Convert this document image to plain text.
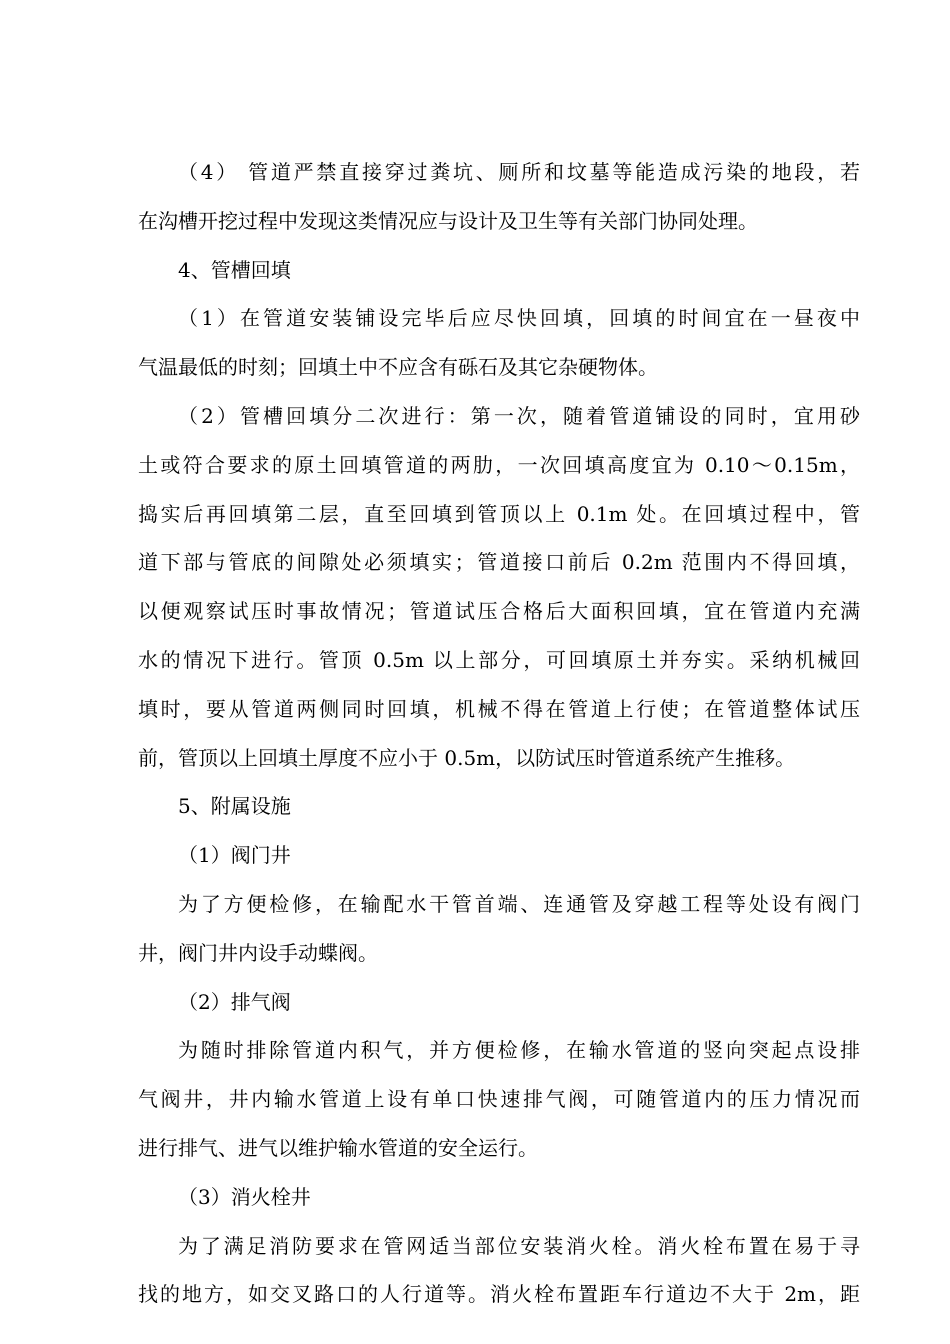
（4） 管道严禁直接穿过粪坑、厕所和坟墓等能造成污染的地段，若
在沟槽开挖过程中发现这类情况应与设计及卫生等有关部门协同处理。
4、管槽回填
（1）在管道安装铺设完毕后应尽快回填，回填的时间宜在一昼夜中
气温最低的时刻；回填土中不应含有砾石及其它杂硬物体。
（2）管槽回填分二次进行：第一次，随着管道铺设的同时，宜用砂
土或符合要求的原土回填管道的两肋，一次回填高度宜为 0.10～0.15m，
捣实后再回填第二层，直至回填到管顶以上 0.1m 处。在回填过程中，管
道下部与管底的间隙处必须填实；管道接口前后 0.2m 范围内不得回填，
以便观察试压时事故情况；管道试压合格后大面积回填，宜在管道内充满
水的情况下进行。管顶 0.5m 以上部分，可回填原土并夯实。采纳机械回
填时，要从管道两侧同时回填，机械不得在管道上行使；在管道整体试压
前，管顶以上回填土厚度不应小于 0.5m，以防试压时管道系统产生推移。
5、附属设施
（1）阀门井
为了方便检修，在输配水干管首端、连通管及穿越工程等处设有阀门
井，阀门井内设手动蝶阀。
（2）排气阀
为随时排除管道内积气，并方便检修，在输水管道的竖向突起点设排
气阀井，井内输水管道上设有单口快速排气阀，可随管道内的压力情况而
进行排气、进气以维护输水管道的安全运行。
（3）消火栓井
为了满足消防要求在管网适当部位安装消火栓。消火栓布置在易于寻
找的地方，如交叉路口的人行道等。消火栓布置距车行道边不大于 2m，距
